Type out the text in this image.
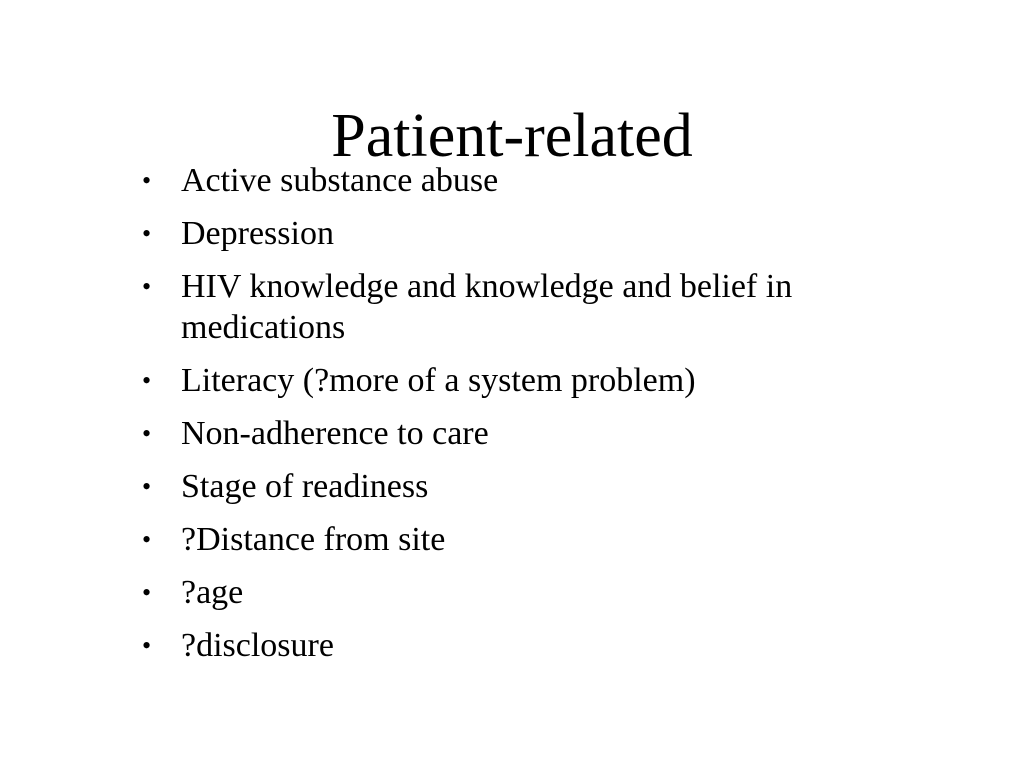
Patient-related
• Active substance abuse
• Depression
• HIV knowledge and knowledge and belief in medications
• Literacy (?more of a system problem)
• Non-adherence to care
• Stage of readiness
• ?Distance from site
• ?age
• ?disclosure
